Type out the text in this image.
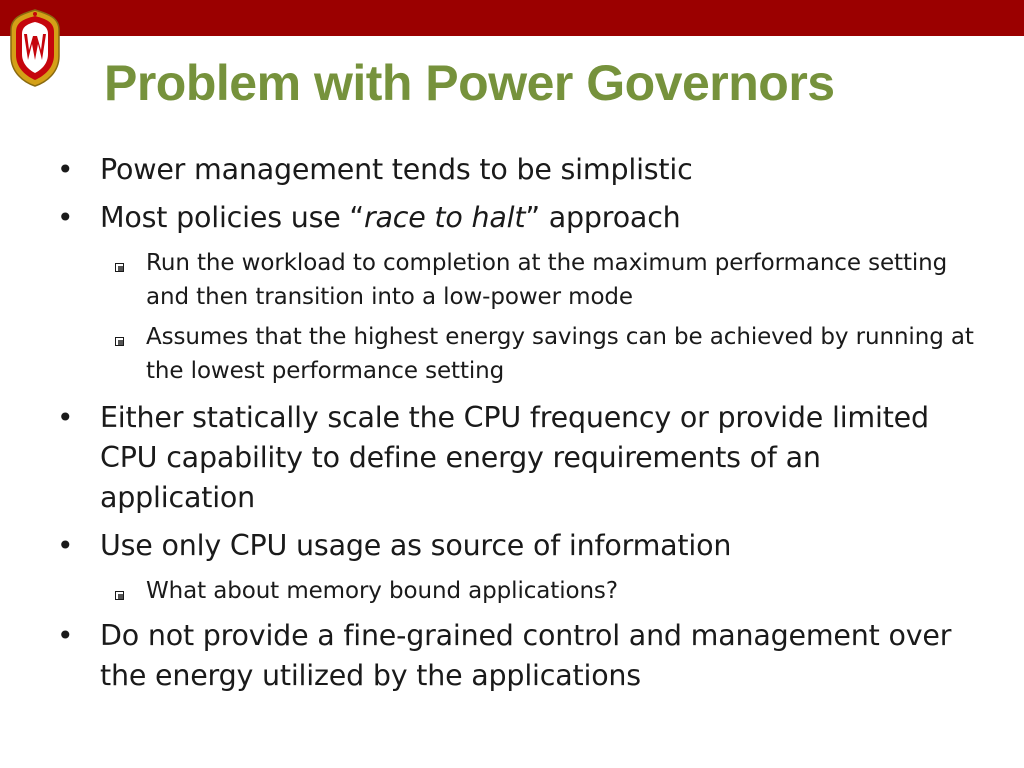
Problem with Power Governors
• Power management tends to be simplistic

• Most policies use “race to halt” approach

Run the workload to completion at the maximum performance setting and then transition into a low-power mode

Assumes that the highest energy savings can be achieved by running at the lowest performance setting

• Either statically scale the CPU frequency or provide limited CPU capability to define energy requirements of an application

• Use only CPU usage as source of information

What about memory bound applications?

• Do not provide a fine-grained control and management over the energy utilized by the applications
